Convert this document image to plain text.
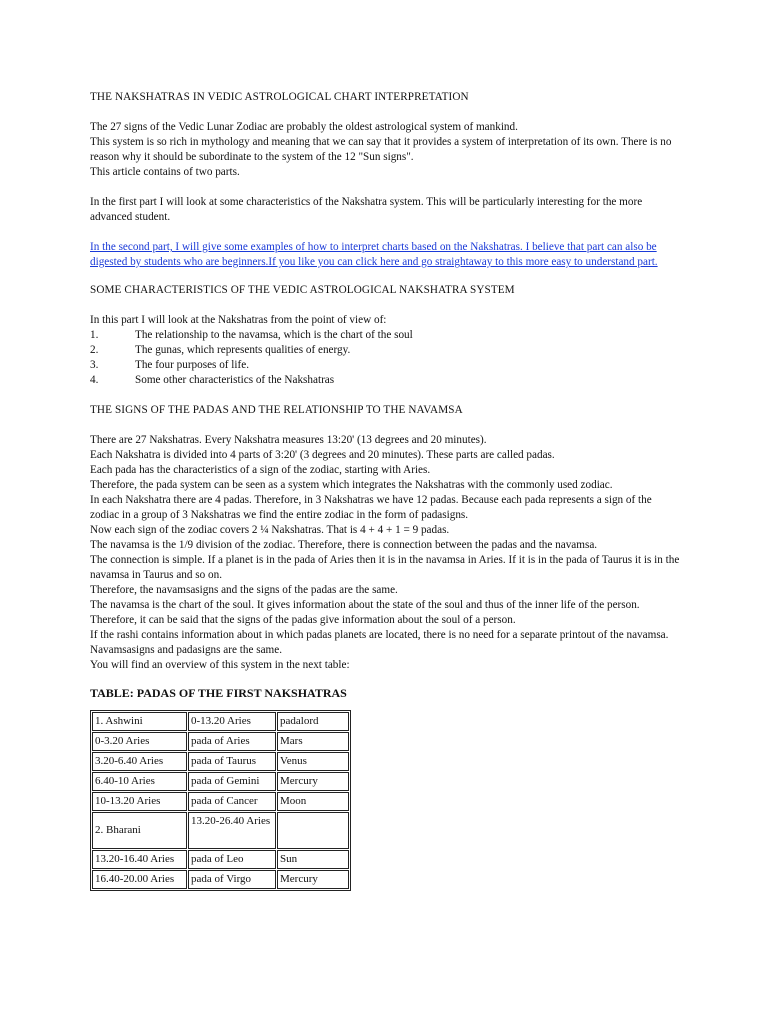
THE NAKSHATRAS IN VEDIC ASTROLOGICAL CHART INTERPRETATION

The 27 signs of the Vedic Lunar Zodiac are probably the oldest astrological system of mankind.

This system is so rich in mythology and meaning that we can say that it provides a system of interpretation of its own. There is no reason why it should be subordinate to the system of the 12 "Sun signs".

This article contains of two parts.

In the first part I will look at some characteristics of the Nakshatra system. This will be particularly interesting for the more advanced student.

In the second part, I will give some examples of how to interpret charts based on the Nakshatras. I believe that part can also be digested by students who are beginners.If you like you can click here and go straightaway to this more easy to understand part.

SOME CHARACTERISTICS OF THE VEDIC ASTROLOGICAL NAKSHATRA SYSTEM

In this part I will look at the Nakshatras from the point of view of:

1.	The relationship to the navamsa, which is the chart of the soul
2.	The gunas, which represents qualities of energy.
3.	The four purposes of life.
4.	Some other characteristics of the Nakshatras

THE SIGNS OF THE PADAS AND THE RELATIONSHIP TO THE NAVAMSA

There are 27 Nakshatras. Every Nakshatra measures 13:20' (13 degrees and 20 minutes).

Each Nakshatra is divided into 4 parts of 3:20' (3 degrees and 20 minutes). These parts are called padas.

Each pada has the characteristics of a sign of the zodiac, starting with Aries.

Therefore, the pada system can be seen as a system which integrates the Nakshatras with the commonly used zodiac.

In each Nakshatra there are 4 padas. Therefore, in 3 Nakshatras we have 12 padas. Because each pada represents a sign of the zodiac in a group of 3 Nakshatras we find the entire zodiac in the form of padasigns.

Now each sign of the zodiac covers 2 ¼ Nakshatras. That is 4 + 4 + 1 = 9 padas.

The navamsa is the 1/9 division of the zodiac. Therefore, there is connection between the padas and the navamsa.

The connection is simple. If a planet is in the pada of Aries then it is in the navamsa in Aries. If it is in the pada of Taurus it is in the navamsa in Taurus and so on.

Therefore, the navamsasigns and the signs of the padas are the same.

The navamsa is the chart of the soul. It gives information about the state of the soul and thus of the inner life of the person.

Therefore, it can be said that the signs of the padas give information about the soul of a person.

If the rashi contains information about in which padas planets are located, there is no need for a separate printout of the navamsa. Navamsasigns and padasigns are the same.

You will find an overview of this system in the next table:

TABLE: PADAS OF THE FIRST NAKSHATRAS

1. Ashwini	0-13.20 Aries	padalord
0-3.20 Aries	pada of Aries	Mars
3.20-6.40 Aries	pada of Taurus	Venus
6.40-10 Aries	pada of Gemini	Mercury
10-13.20 Aries	pada of Cancer	Moon
2. Bharani	13.20-26.40 Aries	
13.20-16.40 Aries	pada of Leo	Sun
16.40-20.00 Aries	pada of Virgo	Mercury
